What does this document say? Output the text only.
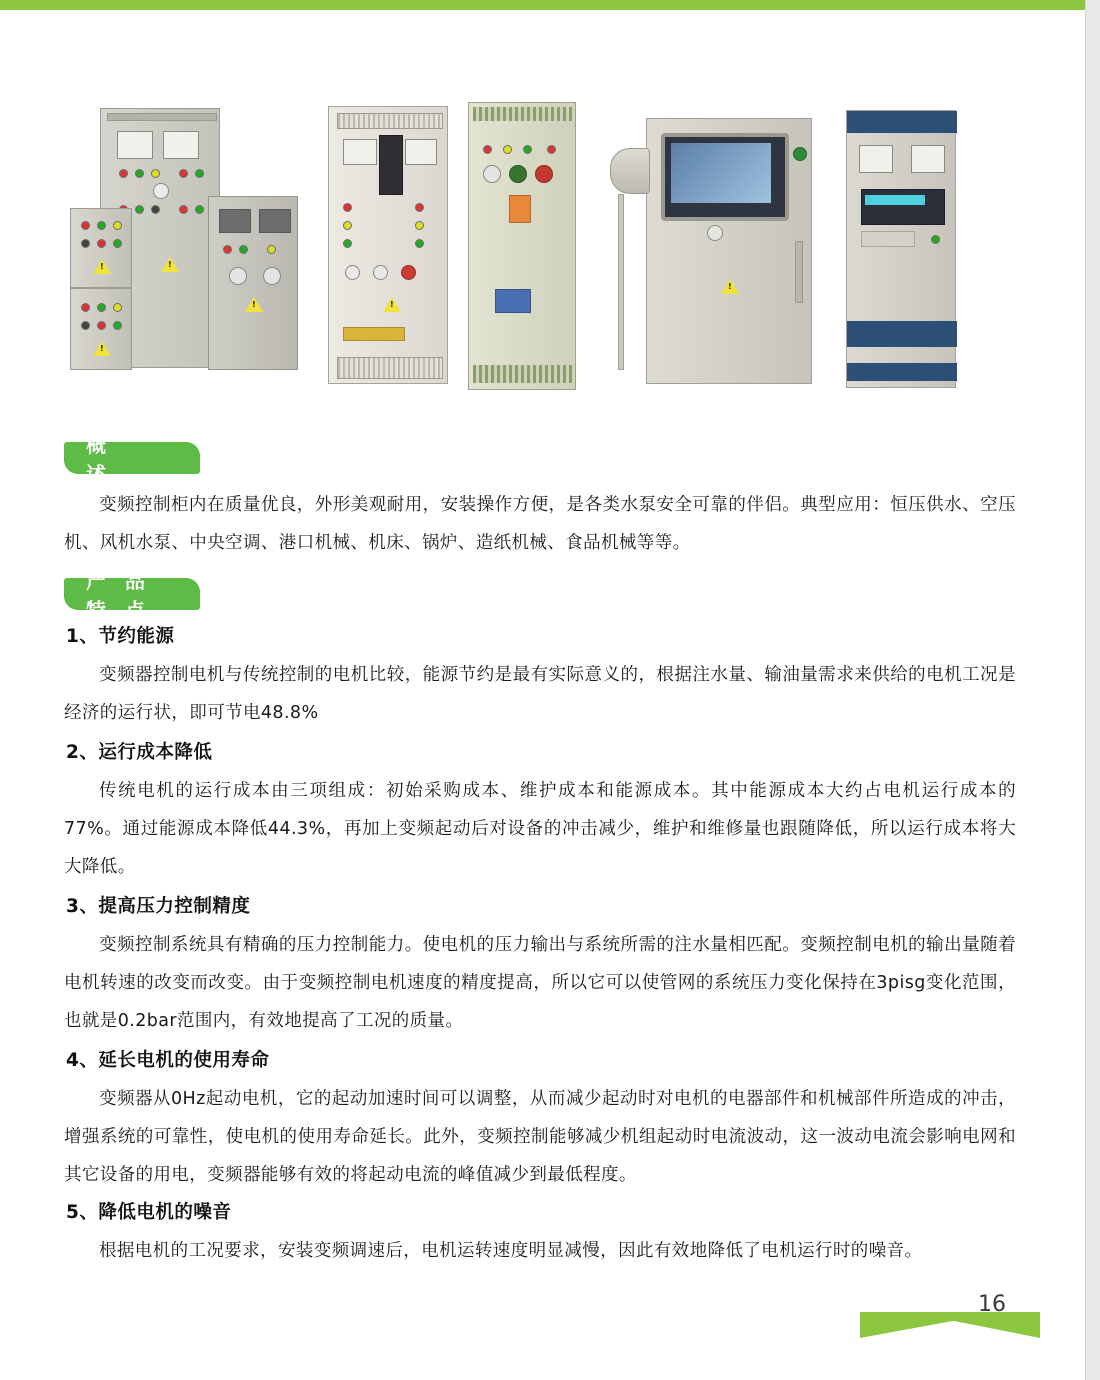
!
!
!
!
!
!
概　　述
变频控制柜内在质量优良，外形美观耐用，安装操作方便，是各类水泵安全可靠的伴侣。典型应用：恒压供水、空压机、风机水泵、中央空调、港口机械、机床、锅炉、造纸机械、食品机械等等。
产 品 特 点
1、节约能源
变频器控制电机与传统控制的电机比较，能源节约是最有实际意义的，根据注水量、输油量需求来供给的电机工况是经济的运行状，即可节电48.8%
2、运行成本降低
传统电机的运行成本由三项组成：初始采购成本、维护成本和能源成本。其中能源成本大约占电机运行成本的77%。通过能源成本降低44.3%，再加上变频起动后对设备的冲击减少，维护和维修量也跟随降低，所以运行成本将大大降低。
3、提高压力控制精度
变频控制系统具有精确的压力控制能力。使电机的压力输出与系统所需的注水量相匹配。变频控制电机的输出量随着电机转速的改变而改变。由于变频控制电机速度的精度提高，所以它可以使管网的系统压力变化保持在3pisg变化范围，也就是0.2bar范围内，有效地提高了工况的质量。
4、延长电机的使用寿命
变频器从0Hz起动电机，它的起动加速时间可以调整，从而减少起动时对电机的电器部件和机械部件所造成的冲击，增强系统的可靠性，使电机的使用寿命延长。此外，变频控制能够减少机组起动时电流波动，这一波动电流会影响电网和其它设备的用电，变频器能够有效的将起动电流的峰值减少到最低程度。
5、降低电机的噪音
根据电机的工况要求，安装变频调速后，电机运转速度明显减慢，因此有效地降低了电机运行时的噪音。
16
